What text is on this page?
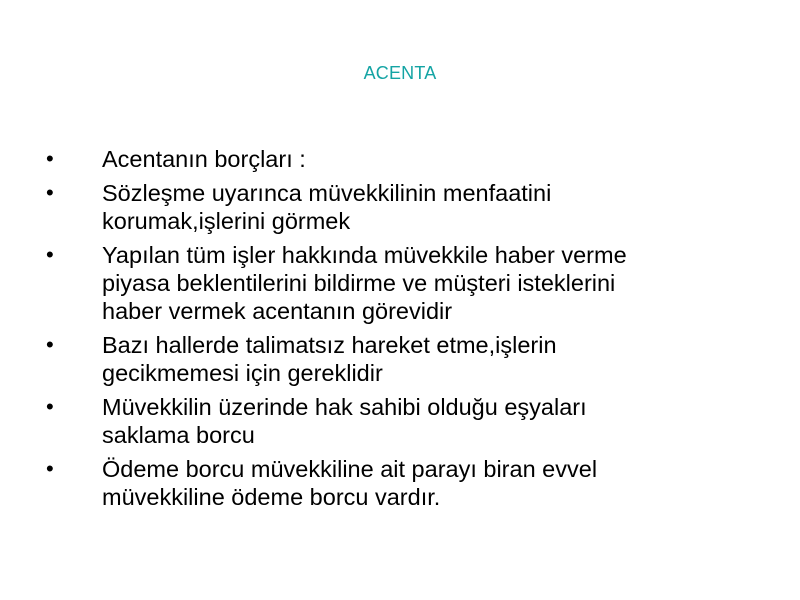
ACENTA
• Acentanın borçları :
• Sözleşme uyarınca müvekkilinin menfaatini
korumak,işlerini görmek
• Yapılan tüm işler hakkında müvekkile haber verme
piyasa beklentilerini bildirme ve müşteri isteklerini
haber vermek acentanın görevidir
• Bazı hallerde talimatsız hareket etme,işlerin
gecikmemesi için gereklidir
• Müvekkilin üzerinde hak sahibi olduğu eşyaları
saklama borcu
• Ödeme borcu müvekkiline ait parayı biran evvel
müvekkiline ödeme borcu vardır.
